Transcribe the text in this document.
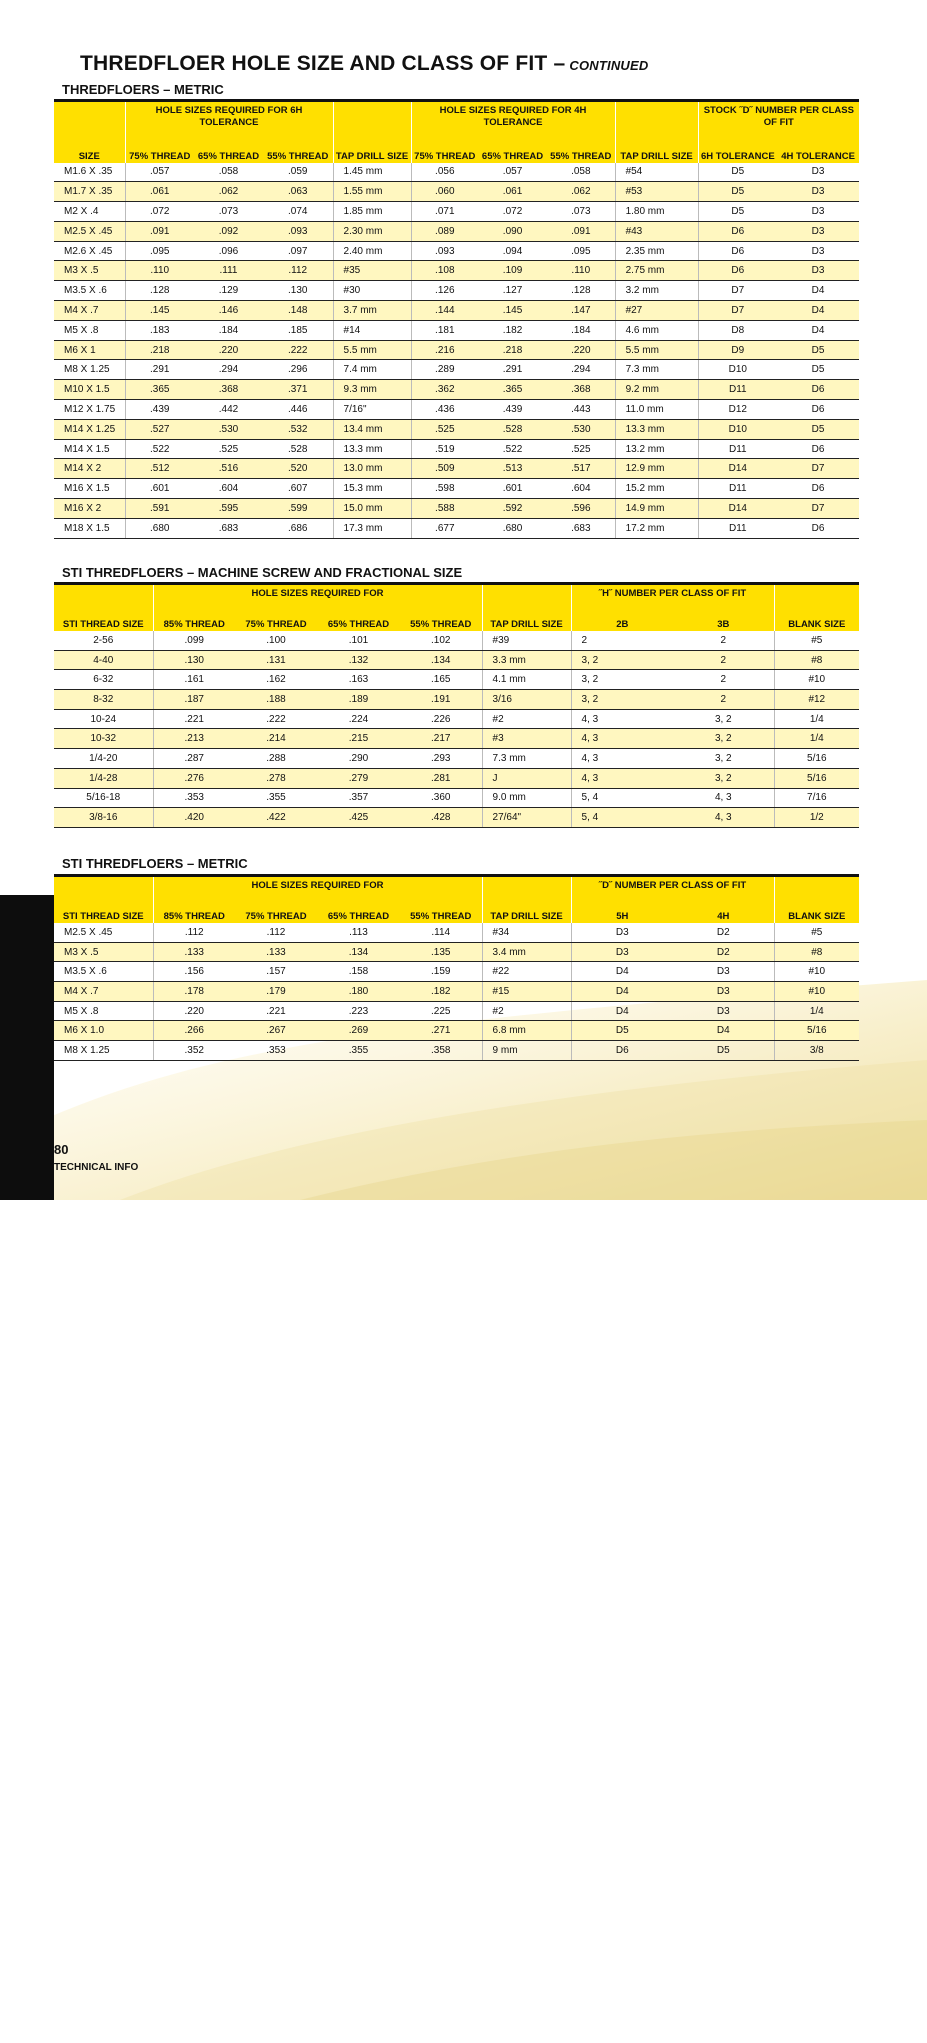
THREDFLOER HOLE SIZE AND CLASS OF FIT – CONTINUED
THREDFLOERS – METRIC
SIZE	HOLE SIZES REQUIRED FOR 6H TOLERANCE			TAP DRILL SIZE	HOLE SIZES REQUIRED FOR 4H TOLERANCE			TAP DRILL SIZE	STOCK ˝D˝ NUMBER PER CLASS OF FIT	
	75% THREAD	65% THREAD	55% THREAD		75% THREAD	65% THREAD	55% THREAD		6H TOLERANCE	4H TOLERANCE
M1.6 X .35	.057	.058	.059	1.45 mm	.056	.057	.058	#54	D5	D3
M1.7 X .35	.061	.062	.063	1.55 mm	.060	.061	.062	#53	D5	D3
M2 X .4	.072	.073	.074	1.85 mm	.071	.072	.073	1.80 mm	D5	D3
M2.5 X .45	.091	.092	.093	2.30 mm	.089	.090	.091	#43	D6	D3
M2.6 X .45	.095	.096	.097	2.40 mm	.093	.094	.095	2.35 mm	D6	D3
M3 X .5	.110	.111	.112	#35	.108	.109	.110	2.75 mm	D6	D3
M3.5 X .6	.128	.129	.130	#30	.126	.127	.128	3.2 mm	D7	D4
M4 X .7	.145	.146	.148	3.7 mm	.144	.145	.147	#27	D7	D4
M5 X .8	.183	.184	.185	#14	.181	.182	.184	4.6 mm	D8	D4
M6 X 1	.218	.220	.222	5.5 mm	.216	.218	.220	5.5 mm	D9	D5
M8 X 1.25	.291	.294	.296	7.4 mm	.289	.291	.294	7.3 mm	D10	D5
M10 X 1.5	.365	.368	.371	9.3 mm	.362	.365	.368	9.2 mm	D11	D6
M12 X 1.75	.439	.442	.446	7/16"	.436	.439	.443	11.0 mm	D12	D6
M14 X 1.25	.527	.530	.532	13.4 mm	.525	.528	.530	13.3 mm	D10	D5
M14 X 1.5	.522	.525	.528	13.3 mm	.519	.522	.525	13.2 mm	D11	D6
M14 X 2	.512	.516	.520	13.0 mm	.509	.513	.517	12.9 mm	D14	D7
M16 X 1.5	.601	.604	.607	15.3 mm	.598	.601	.604	15.2 mm	D11	D6
M16 X 2	.591	.595	.599	15.0 mm	.588	.592	.596	14.9 mm	D14	D7
M18 X 1.5	.680	.683	.686	17.3 mm	.677	.680	.683	17.2 mm	D11	D6
STI THREDFLOERS – MACHINE SCREW AND FRACTIONAL SIZE
STI THREAD SIZE	HOLE SIZES REQUIRED FOR				TAP DRILL SIZE	˝H˝ NUMBER PER CLASS OF FIT		BLANK SIZE
	85% THREAD	75% THREAD	65% THREAD	55% THREAD		2B	3B	
2-56	.099	.100	.101	.102	#39	2	2	#5
4-40	.130	.131	.132	.134	3.3 mm	3, 2	2	#8
6-32	.161	.162	.163	.165	4.1 mm	3, 2	2	#10
8-32	.187	.188	.189	.191	3/16	3, 2	2	#12
10-24	.221	.222	.224	.226	#2	4, 3	3, 2	1/4
10-32	.213	.214	.215	.217	#3	4, 3	3, 2	1/4
1/4-20	.287	.288	.290	.293	7.3 mm	4, 3	3, 2	5/16
1/4-28	.276	.278	.279	.281	J	4, 3	3, 2	5/16
5/16-18	.353	.355	.357	.360	9.0 mm	5, 4	4, 3	7/16
3/8-16	.420	.422	.425	.428	27/64"	5, 4	4, 3	1/2
STI THREDFLOERS – METRIC
STI THREAD SIZE	HOLE SIZES REQUIRED FOR				TAP DRILL SIZE	˝D˝ NUMBER PER CLASS OF FIT		BLANK SIZE
	85% THREAD	75% THREAD	65% THREAD	55% THREAD		5H	4H	
M2.5 X .45	.112	.112	.113	.114	#34	D3	D2	#5
M3 X .5	.133	.133	.134	.135	3.4 mm	D3	D2	#8
M3.5 X .6	.156	.157	.158	.159	#22	D4	D3	#10
M4 X .7	.178	.179	.180	.182	#15	D4	D3	#10
M5 X .8	.220	.221	.223	.225	#2	D4	D3	1/4
M6 X 1.0	.266	.267	.269	.271	6.8 mm	D5	D4	5/16
M8 X 1.25	.352	.353	.355	.358	9 mm	D6	D5	3/8
TECHNICAL INFO HOLE SIZE
80
TECHNICAL INFO
